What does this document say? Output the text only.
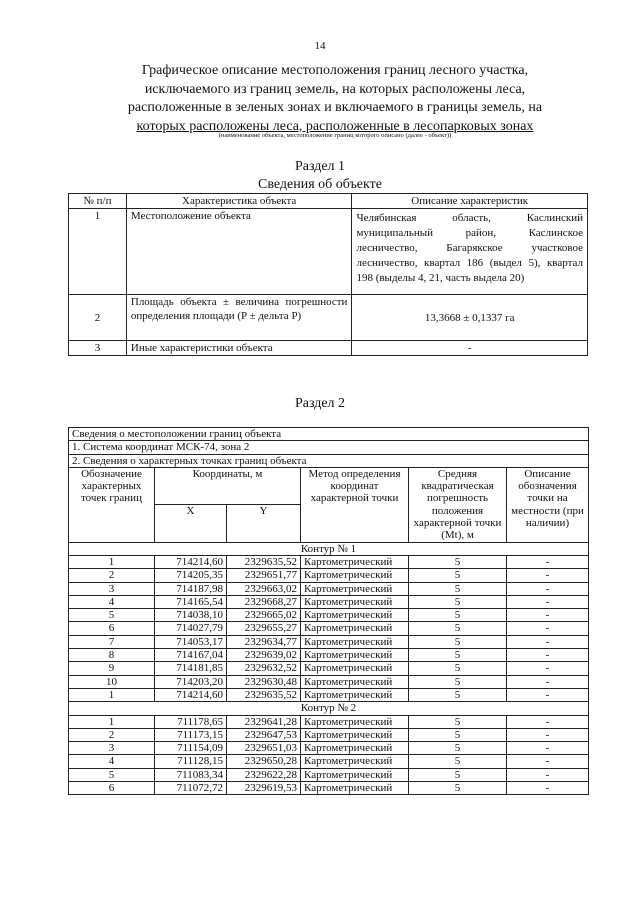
14
Графическое описание местоположения границ лесного участка,
исключаемого из границ земель, на которых расположены леса,
расположенные в зеленых зонах и включаемого в границы земель, на
которых расположены леса, расположенные в лесопарковых зонах
(наименование объекта, местоположение границ которого описано (далее - объект))
Раздел 1
Сведения об объекте
№ п/п	Характеристика объекта	Описание характеристик
1	Местоположение объекта	Челябинская область, Каслинский муниципальный район, Каслинское лесничество, Багарякское участковое лесничество, квартал 186 (выдел 5), квартал 198 (выделы 4, 21, часть выдела 20)
2	Площадь объекта ± величина погрешности определения площади (P ± дельта P)	13,3668 ± 0,1337 га
3	Иные характеристики объекта	-
Раздел 2
Сведения о местоположении границ объекта					
1. Система координат МСК-74, зона 2					
2. Сведения о характерных точках границ объекта					
Обозначение характерных точек границ	Координаты, м		Метод определения координат характерной точки	Средняя квадратическая погрешность положения характерной точки (Mt), м	Описание обозначения точки на местности (при наличии)
	X	Y			
Контур № 1					
1	714214,60	2329635,52	Картометрический	5	-
2	714205,35	2329651,77	Картометрический	5	-
3	714187,98	2329663,02	Картометрический	5	-
4	714165,54	2329668,27	Картометрический	5	-
5	714038,10	2329665,02	Картометрический	5	-
6	714027,79	2329655,27	Картометрический	5	-
7	714053,17	2329634,77	Картометрический	5	-
8	714167,04	2329639,02	Картометрический	5	-
9	714181,85	2329632,52	Картометрический	5	-
10	714203,20	2329630,48	Картометрический	5	-
1	714214,60	2329635,52	Картометрический	5	-
Контур № 2					
1	711178,65	2329641,28	Картометрический	5	-
2	711173,15	2329647,53	Картометрический	5	-
3	711154,09	2329651,03	Картометрический	5	-
4	711128,15	2329650,28	Картометрический	5	-
5	711083,34	2329622,28	Картометрический	5	-
6	711072,72	2329619,53	Картометрический	5	-
